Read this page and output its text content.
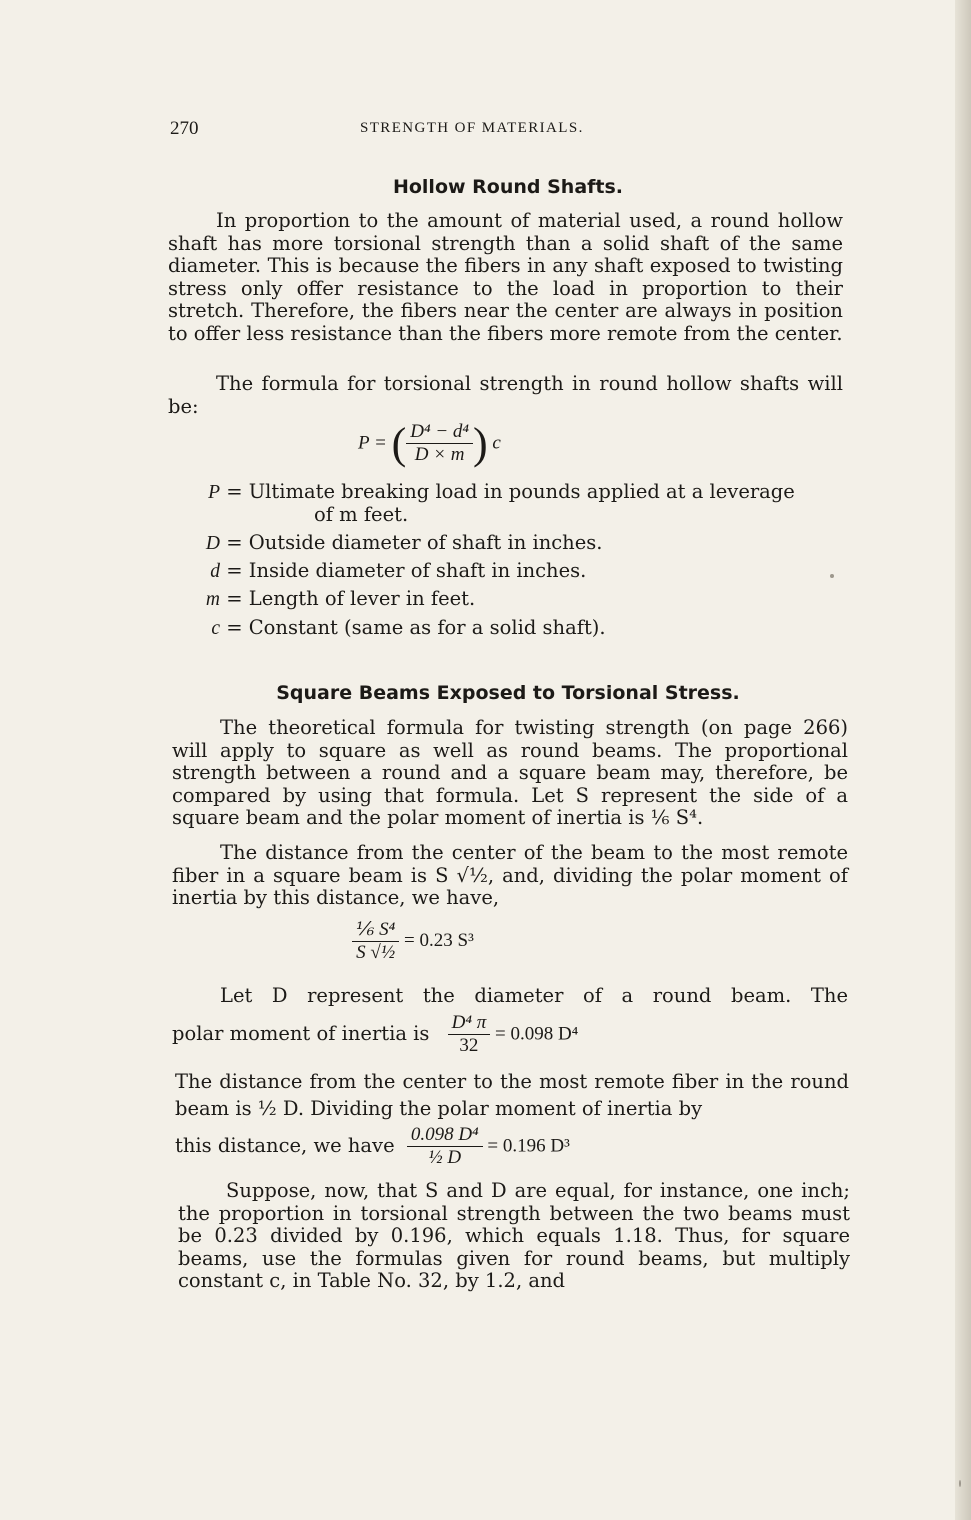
270	STRENGTH OF MATERIALS.
Hollow Round Shafts.

In proportion to the amount of material used, a round hollow shaft has more torsional strength than a solid shaft of the same diameter. This is because the fibers in any shaft exposed to twisting stress only offer resistance to the load in proportion to their stretch. Therefore, the fibers near the center are always in position to offer less resistance than the fibers more remote from the center.

The formula for torsional strength in round hollow shafts will be:

P = ( $\frac{\text{D⁴ − d⁴}}{D \times m}$ ) c
P = Ultimate breaking load in pounds applied at a leverage
of m feet.
D = Outside diameter of shaft in inches.
d = Inside diameter of shaft in inches.
m = Length of lever in feet.
c = Constant (same as for a solid shaft).
Square Beams Exposed to Torsional Stress.

The theoretical formula for twisting strength (on page 266) will apply to square as well as round beams. The proportional strength between a round and a square beam may, therefore, be compared by using that formula. Let S represent the side of a square beam and the polar moment of inertia is ⅙ S⁴.

The distance from the center of the beam to the most remote fiber in a square beam is S √½, and, dividing the polar moment of inertia by this distance, we have,

$\frac{\text{⅙ S⁴}}{\text{S √½}} = 0.23$ S³

Let D represent the diameter of a round beam. The

polar moment of inertia is $\frac{\text{D⁴ π}}{32} = 0.098$ D⁴

The distance from the center to the most remote fiber in the round beam is ½ D. Dividing the polar moment of inertia by

this distance, we have $\frac{\text{0.098 D⁴}}{\text{½ D}} = 0.196$ D³

Suppose, now, that S and D are equal, for instance, one inch; the proportion in torsional strength between the two beams must be 0.23 divided by 0.196, which equals 1.18. Thus, for square beams, use the formulas given for round beams, but multiply constant c, in Table No. 32, by 1.2, and
